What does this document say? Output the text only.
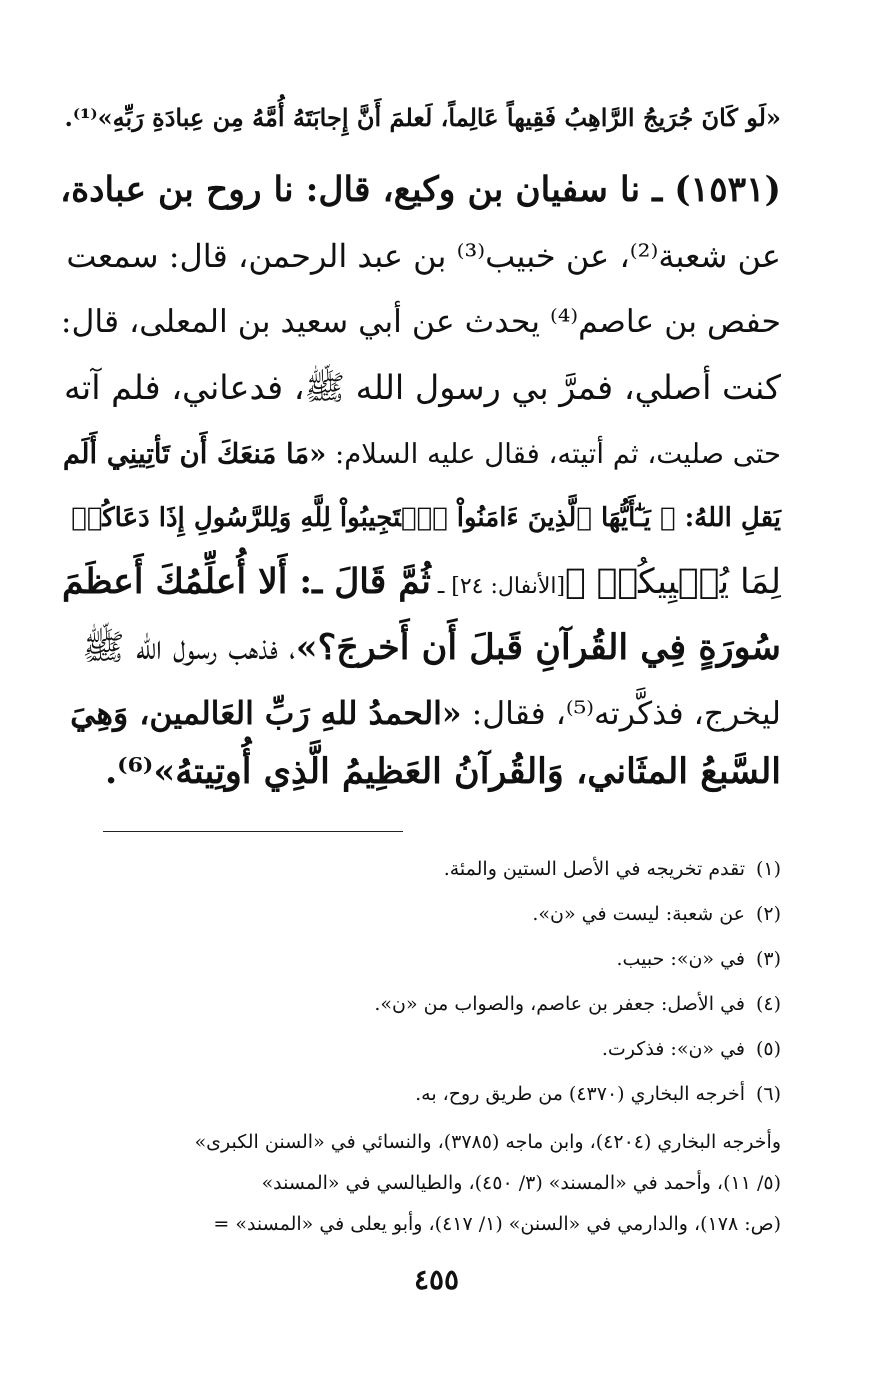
«لَو كَانَ جُرَيجُ الرَّاهِبُ فَقِيهاً عَالِماً، لَعلمَ أَنَّ إِجابَتَهُ أُمَّهُ مِن عِبادَةِ رَبِّهِ»⁽¹⁾.
(١٥٣١) ـ نا سفيان بن وكيع، قال: نا روح بن عبادة،
عن شعبة⁽²⁾، عن خبيب⁽³⁾ بن عبد الرحمن، قال: سمعت
حفص بن عاصم⁽⁴⁾ يحدث عن أبي سعيد بن المعلى، قال:
كنت أصلي، فمرَّ بي رسول الله ﷺ، فدعاني، فلم آته
حتى صليت، ثم أتيته، فقال عليه السلام: «مَا مَنعَكَ أَن تَأتِينِي أَلَم
يَقلِ اللهُ: ﴿ يَـٰٓأَيُّهَا ٱلَّذِينَ ءَامَنُواْ ٱسۡتَجِيبُواْ لِلَّهِ وَلِلرَّسُولِ إِذَا دَعَاكُمۡ
لِمَا يُحۡيِيكُمۡ ﴾[الأنفال: ٢٤] ـ ثُمَّ قَالَ ـ: أَلا أُعلِّمُكَ أَعظَمَ
سُورَةٍ فِي القُرآنِ قَبلَ أَن أَخرجَ؟»، فذهب رسول الله ﷺ
ليخرج، فذكَّرته⁽⁵⁾، فقال: «الحمدُ للهِ رَبِّ العَالمين، وَهِيَ
السَّبعُ المثَاني، وَالقُرآنُ العَظِيمُ الَّذِي أُوتِيتهُ»⁽⁶⁾.
(١)تقدم تخريجه في الأصل الستين والمئة.
(٢)عن شعبة: ليست في «ن».
(٣)في «ن»: حبيب.
(٤)في الأصل: جعفر بن عاصم، والصواب من «ن».
(٥)في «ن»: فذكرت.
(٦)أخرجه البخاري (٤٣٧٠) من طريق روح، به.
وأخرجه البخاري (٤٢٠٤)، وابن ماجه (٣٧٨٥)، والنسائي في «السنن الكبرى»
(٥/ ١١)، وأحمد في «المسند» (٣/ ٤٥٠)، والطيالسي في «المسند»
(ص: ١٧٨)، والدارمي في «السنن» (١/ ٤١٧)، وأبو يعلى في «المسند» =
٤٥٥
